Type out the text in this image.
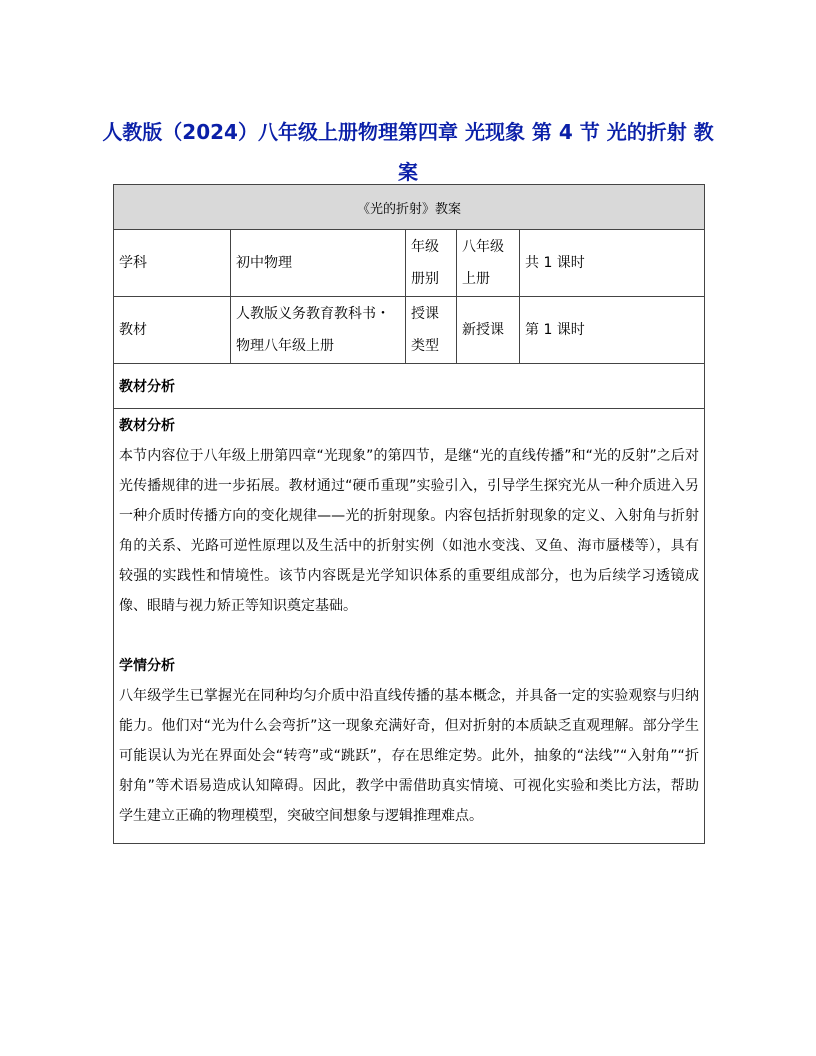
人教版（2024）八年级上册物理第四章 光现象 第 4 节 光的折射 教案
《光的折射》教案				
学科	初中物理	年级册别	八年级上册	共 1 课时
教材	人教版义务教育教科书・物理八年级上册	授课类型	新授课	第 1 课时
教材分析				

教材分析
本节内容位于八年级上册第四章“光现象”的第四节，是继“光的直线传播”和“光的反射”之后对光传播规律的进一步拓展。教材通过“硬币重现”实验引入，引导学生探究光从一种介质进入另一种介质时传播方向的变化规律——光的折射现象。内容包括折射现象的定义、入射角与折射角的关系、光路可逆性原理以及生活中的折射实例（如池水变浅、叉鱼、海市蜃楼等），具有较强的实践性和情境性。该节内容既是光学知识体系的重要组成部分，也为后续学习透镜成像、眼睛与视力矫正等知识奠定基础。
学情分析
八年级学生已掌握光在同种均匀介质中沿直线传播的基本概念，并具备一定的实验观察与归纳能力。他们对“光为什么会弯折”这一现象充满好奇，但对折射的本质缺乏直观理解。部分学生可能误认为光在界面处会“转弯”或“跳跃”，存在思维定势。此外，抽象的“法线”“入射角”“折射角”等术语易造成认知障碍。因此，教学中需借助真实情境、可视化实验和类比方法，帮助学生建立正确的物理模型，突破空间想象与逻辑推理难点。				
